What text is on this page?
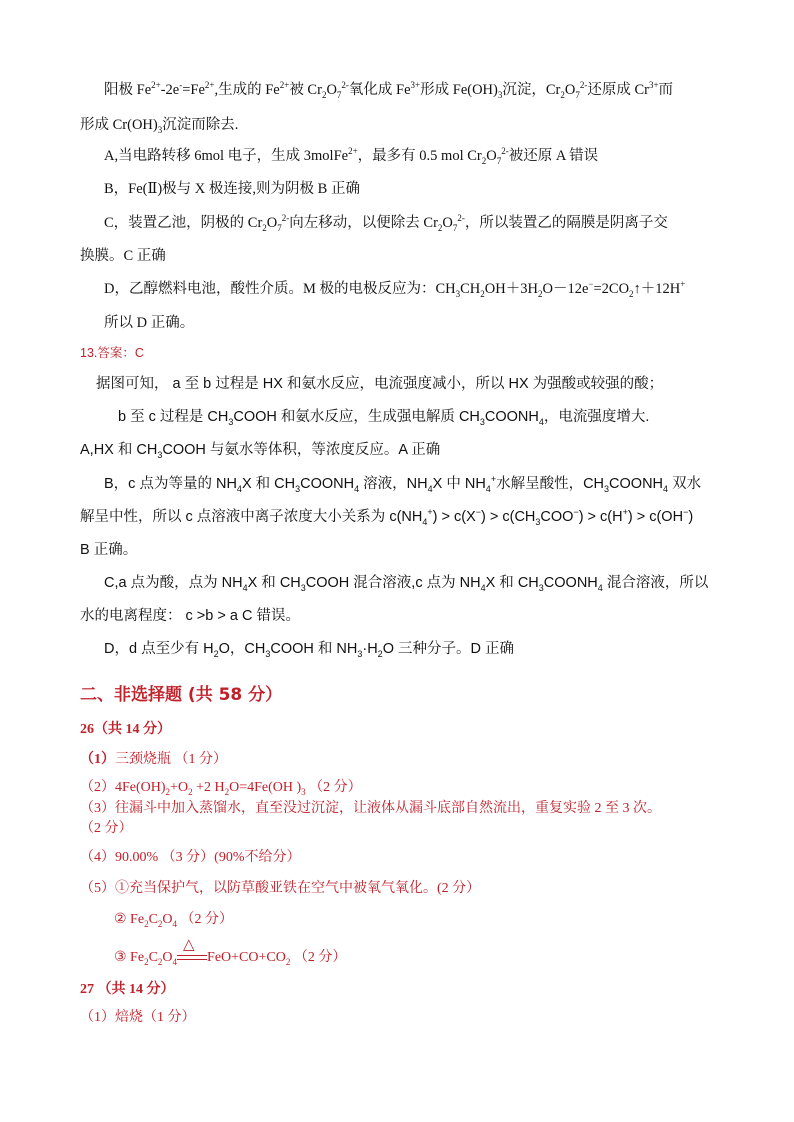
阳极 $Fe^{2+}-2e^-=Fe^{2+}$,生成的 $Fe^{2+}$被 $Cr_2O_7^{2-}$氧化成 $Fe^{3+}$形成 $Fe(OH)_3$沉淀，$Cr_2O_7^{2-}$还原成 $Cr^{3+}$而
形成 $Cr(OH)_3$沉淀而除去.
A,当电路转移 6mol 电子，生成 3molFe$^{2+}$，最多有 0.5 mol $Cr_2O_7^{2-}$被还原 A 错误
B，Fe(Ⅱ)极与 X 极连接,则为阴极 B 正确
C，装置乙池，阴极的 $Cr_2O_7^{2-}$向左移动，以便除去 $Cr_2O_7^{2-}$，所以装置乙的隔膜是阴离子交
换膜。C 正确
D，乙醇燃料电池，酸性介质。M 极的电极反应为：$CH_3CH_2OH+3H_2O-12e^-=2CO_2↑+12H^+$
所以 D 正确。
13.答案：C
据图可知， a 至 b 过程是 HX 和氨水反应，电流强度减小，所以 HX 为强酸或较强的酸；
b 至 c 过程是 $CH_3COOH$ 和氨水反应，生成强电解质 $CH_3COONH_4$，电流强度增大.
A,HX 和 $CH_3COOH$ 与氨水等体积，等浓度反应。A 正确
B，c 点为等量的 $NH_4X$ 和 $CH_3COONH_4$ 溶液，$NH_4X$ 中 $NH_4^+$水解呈酸性，$CH_3COONH_4$ 双水
解呈中性，所以 c 点溶液中离子浓度大小关系为 $c(NH_4^+) > c(X^-) > c(CH_3COO^-) > c(H^+) > c(OH^-)$
B 正确。
C,a 点为酸，点为 $NH_4X$ 和 $CH_3COOH$ 混合溶液,c 点为 $NH_4X$ 和 $CH_3COONH_4$ 混合溶液，所以
水的电离程度： c >b > a C 错误。
D，d 点至少有 $H_2O$，$CH_3COOH$ 和 $NH_3\cdot H_2O$ 三种分子。D 正确
二、非选择题 (共 58 分）
26（共 14 分）
（1）三颈烧瓶 （1 分）
$(2)4Fe(OH)_2+O_2 +2$ $H_2O=4Fe(OH$ )$_3$ （2 分）
（3）往漏斗中加入蒸馏水，直至没过沉淀，让液体从漏斗底部自然流出，重复实验 2 至 3 次。
（2 分）
（4）90.00% （3 分）(90%不给分）
（5）①充当保护气，以防草酸亚铁在空气中被氧气氧化。(2 分）
② $Fe_2C_2O_4$ （2 分）
③ $Fe_2C_2O_4$
△
$FeO+CO+CO_2$ （2 分）
27 （共 14 分）
（1）焙烧（1 分）
